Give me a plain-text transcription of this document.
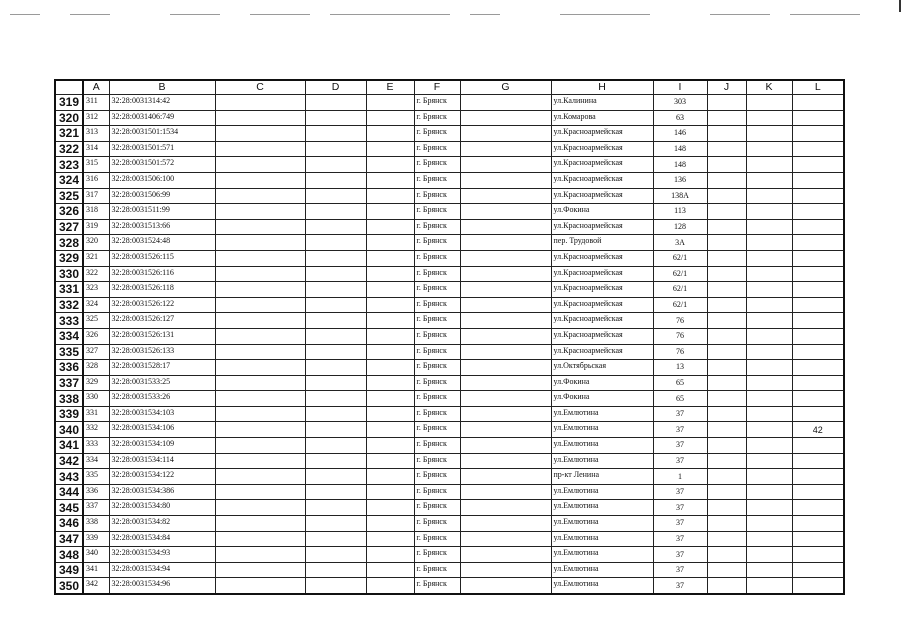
	A	B	C	D	E	F	G	H	I	J	K	L
319	311	32:28:0031314:42				г. Брянск		ул.Калинина	303			
320	312	32:28:0031406:749				г. Брянск		ул.Комарова	63			
321	313	32:28:0031501:1534				г. Брянск		ул.Красноармейская	146			
322	314	32:28:0031501:571				г. Брянск		ул.Красноармейская	148			
323	315	32:28:0031501:572				г. Брянск		ул.Красноармейская	148			
324	316	32:28:0031506:100				г. Брянск		ул.Красноармейская	136			
325	317	32:28:0031506:99				г. Брянск		ул.Красноармейская	138А			
326	318	32:28:0031511:99				г. Брянск		ул.Фокина	113			
327	319	32:28:0031513:66				г. Брянск		ул.Красноармейская	128			
328	320	32:28:0031524:48				г. Брянск		пер. Трудовой	3А			
329	321	32:28:0031526:115				г. Брянск		ул.Красноармейская	62/1			
330	322	32:28:0031526:116				г. Брянск		ул.Красноармейская	62/1			
331	323	32:28:0031526:118				г. Брянск		ул.Красноармейская	62/1			
332	324	32:28:0031526:122				г. Брянск		ул.Красноармейская	62/1			
333	325	32:28:0031526:127				г. Брянск		ул.Красноармейская	76			
334	326	32:28:0031526:131				г. Брянск		ул.Красноармейская	76			
335	327	32:28:0031526:133				г. Брянск		ул.Красноармейская	76			
336	328	32:28:0031528:17				г. Брянск		ул.Октябрьская	13			
337	329	32:28:0031533:25				г. Брянск		ул.Фокина	65			
338	330	32:28:0031533:26				г. Брянск		ул.Фокина	65			
339	331	32:28:0031534:103				г. Брянск		ул.Емлютина	37			
340	332	32:28:0031534:106				г. Брянск		ул.Емлютина	37			42
341	333	32:28:0031534:109				г. Брянск		ул.Емлютина	37			
342	334	32:28:0031534:114				г. Брянск		ул.Емлютина	37			
343	335	32:28:0031534:122				г. Брянск		пр-кт Ленина	1			
344	336	32:28:0031534:386				г. Брянск		ул.Емлютина	37			
345	337	32:28:0031534:80				г. Брянск		ул.Емлютина	37			
346	338	32:28:0031534:82				г. Брянск		ул.Емлютина	37			
347	339	32:28:0031534:84				г. Брянск		ул.Емлютина	37			
348	340	32:28:0031534:93				г. Брянск		ул.Емлютина	37			
349	341	32:28:0031534:94				г. Брянск		ул.Емлютина	37			
350	342	32:28:0031534:96				г. Брянск		ул.Емлютина	37			
